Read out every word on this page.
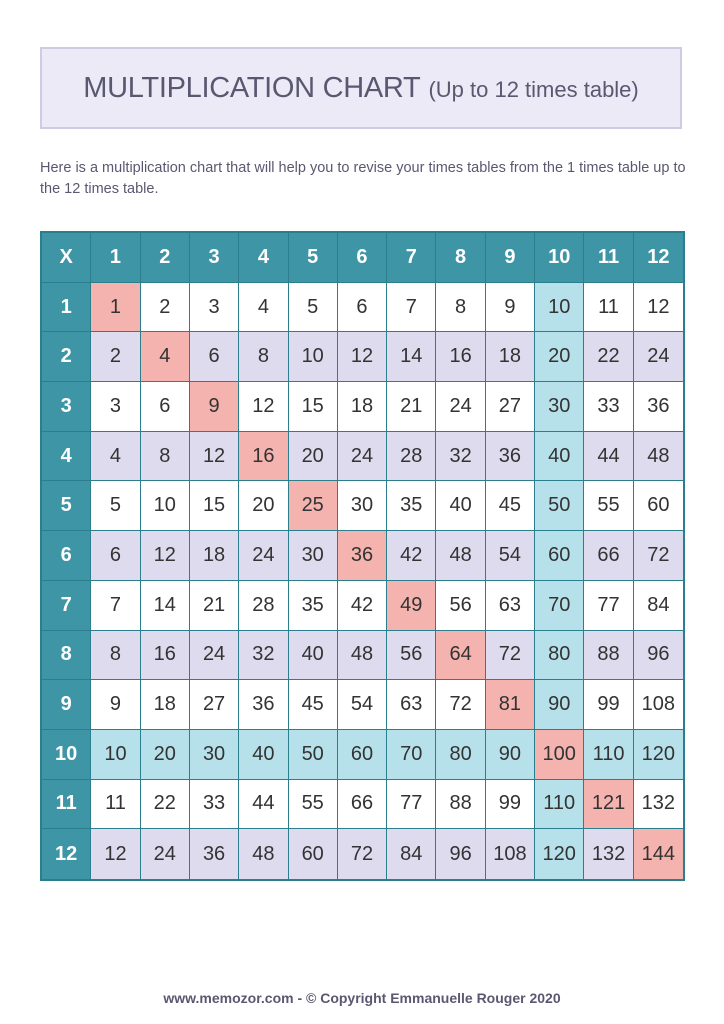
MULTIPLICATION CHART (Up to 12 times table)
Here is a multiplication chart that will help you to revise your times tables from the 1 times table up to the 12 times table.
X	1	2	3	4	5	6	7	8	9	10	11	12
1	1	2	3	4	5	6	7	8	9	10	11	12
2	2	4	6	8	10	12	14	16	18	20	22	24
3	3	6	9	12	15	18	21	24	27	30	33	36
4	4	8	12	16	20	24	28	32	36	40	44	48
5	5	10	15	20	25	30	35	40	45	50	55	60
6	6	12	18	24	30	36	42	48	54	60	66	72
7	7	14	21	28	35	42	49	56	63	70	77	84
8	8	16	24	32	40	48	56	64	72	80	88	96
9	9	18	27	36	45	54	63	72	81	90	99	108
10	10	20	30	40	50	60	70	80	90	100 110 120
11	11	22	33	44	55	66	77	88	99	110 121 132
12	12	24	36	48	60	72	84	96	108 120 132 144
www.memozor.com - © Copyright Emmanuelle Rouger 2020
